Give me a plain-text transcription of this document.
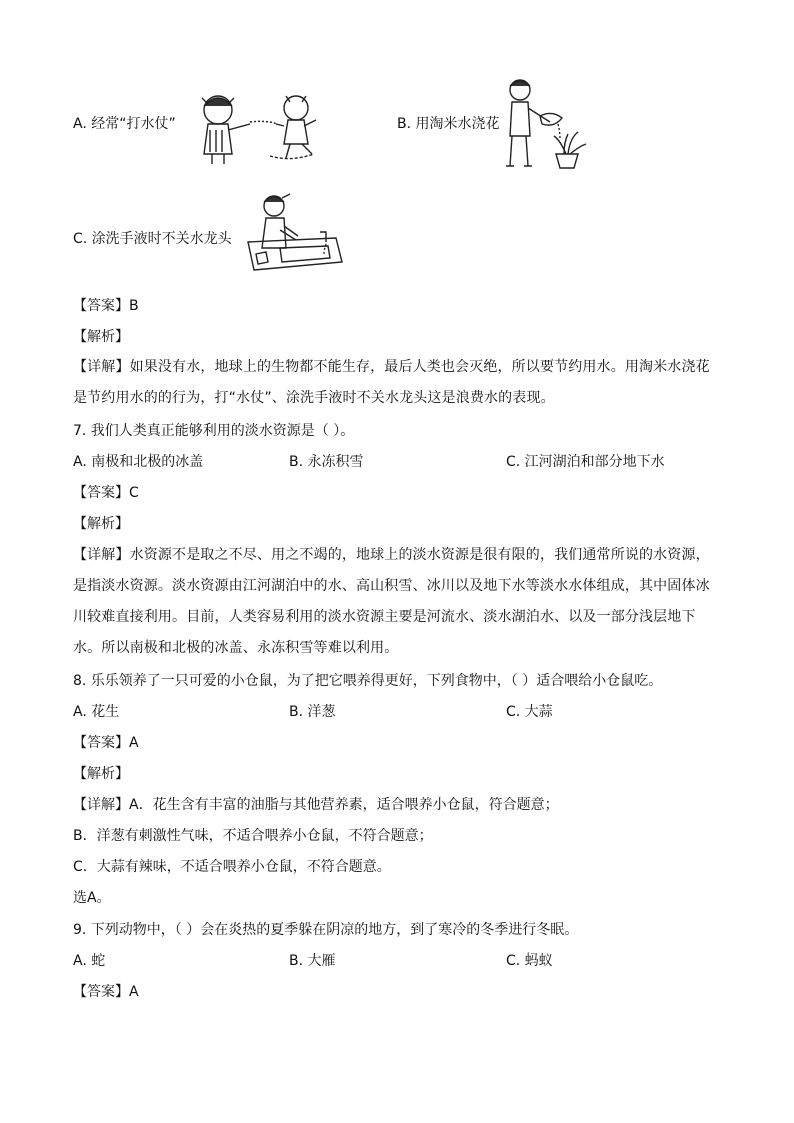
A. 经常“打水仗”	B. 用淘米水浇花
C. 涂洗手液时不关水龙头
【答案】B
【解析】
【详解】如果没有水，地球上的生物都不能生存，最后人类也会灭绝，所以要节约用水。用淘米水浇花是节约用水的的行为，打“水仗”、涂洗手液时不关水龙头这是浪费水的表现。
7. 我们人类真正能够利用的淡水资源是（ ）。
A. 南极和北极的冰盖	B. 永冻积雪	C. 江河湖泊和部分地下水
【答案】C
【解析】
【详解】水资源不是取之不尽、用之不竭的，地球上的淡水资源是很有限的，我们通常所说的水资源，是指淡水资源。淡水资源由江河湖泊中的水、高山积雪、冰川以及地下水等淡水水体组成，其中固体冰川较难直接利用。目前，人类容易利用的淡水资源主要是河流水、淡水湖泊水、以及一部分浅层地下水。所以南极和北极的冰盖、永冻积雪等难以利用。
8. 乐乐领养了一只可爱的小仓鼠，为了把它喂养得更好，下列食物中，（ ）适合喂给小仓鼠吃。
A. 花生	B. 洋葱	C. 大蒜
【答案】A
【解析】
【详解】A．花生含有丰富的油脂与其他营养素，适合喂养小仓鼠，符合题意；
B．洋葱有刺激性气味，不适合喂养小仓鼠，不符合题意；
C．大蒜有辣味，不适合喂养小仓鼠，不符合题意。
选A。
9. 下列动物中，（ ）会在炎热的夏季躲在阴凉的地方，到了寒冷的冬季进行冬眠。
A. 蛇	B. 大雁	C. 蚂蚁
【答案】A
